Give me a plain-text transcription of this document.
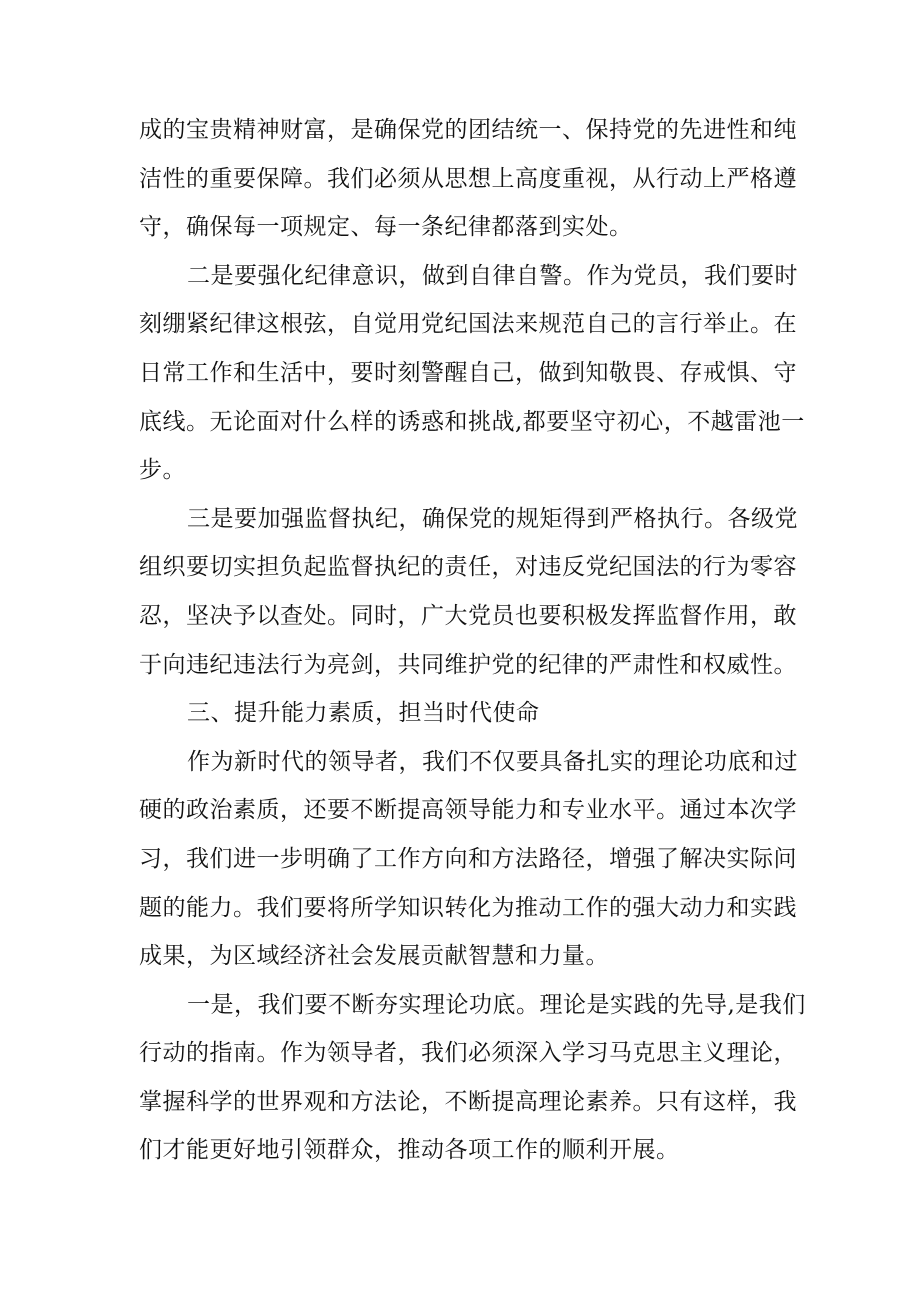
成的宝贵精神财富，是确保党的团结统一、保持党的先进性和纯
洁性的重要保障。我们必须从思想上高度重视，从行动上严格遵
守，确保每一项规定、每一条纪律都落到实处。
二是要强化纪律意识，做到自律自警。作为党员，我们要时
刻绷紧纪律这根弦，自觉用党纪国法来规范自己的言行举止。在
日常工作和生活中，要时刻警醒自己，做到知敬畏、存戒惧、守
底线。无论面对什么样的诱惑和挑战,都要坚守初心，不越雷池一
步。
三是要加强监督执纪，确保党的规矩得到严格执行。各级党
组织要切实担负起监督执纪的责任，对违反党纪国法的行为零容
忍，坚决予以查处。同时，广大党员也要积极发挥监督作用，敢
于向违纪违法行为亮剑，共同维护党的纪律的严肃性和权威性。
三、提升能力素质，担当时代使命
作为新时代的领导者，我们不仅要具备扎实的理论功底和过
硬的政治素质，还要不断提高领导能力和专业水平。通过本次学
习，我们进一步明确了工作方向和方法路径，增强了解决实际问
题的能力。我们要将所学知识转化为推动工作的强大动力和实践
成果，为区域经济社会发展贡献智慧和力量。
一是，我们要不断夯实理论功底。理论是实践的先导,是我们
行动的指南。作为领导者，我们必须深入学习马克思主义理论，
掌握科学的世界观和方法论，不断提高理论素养。只有这样，我
们才能更好地引领群众，推动各项工作的顺利开展。
